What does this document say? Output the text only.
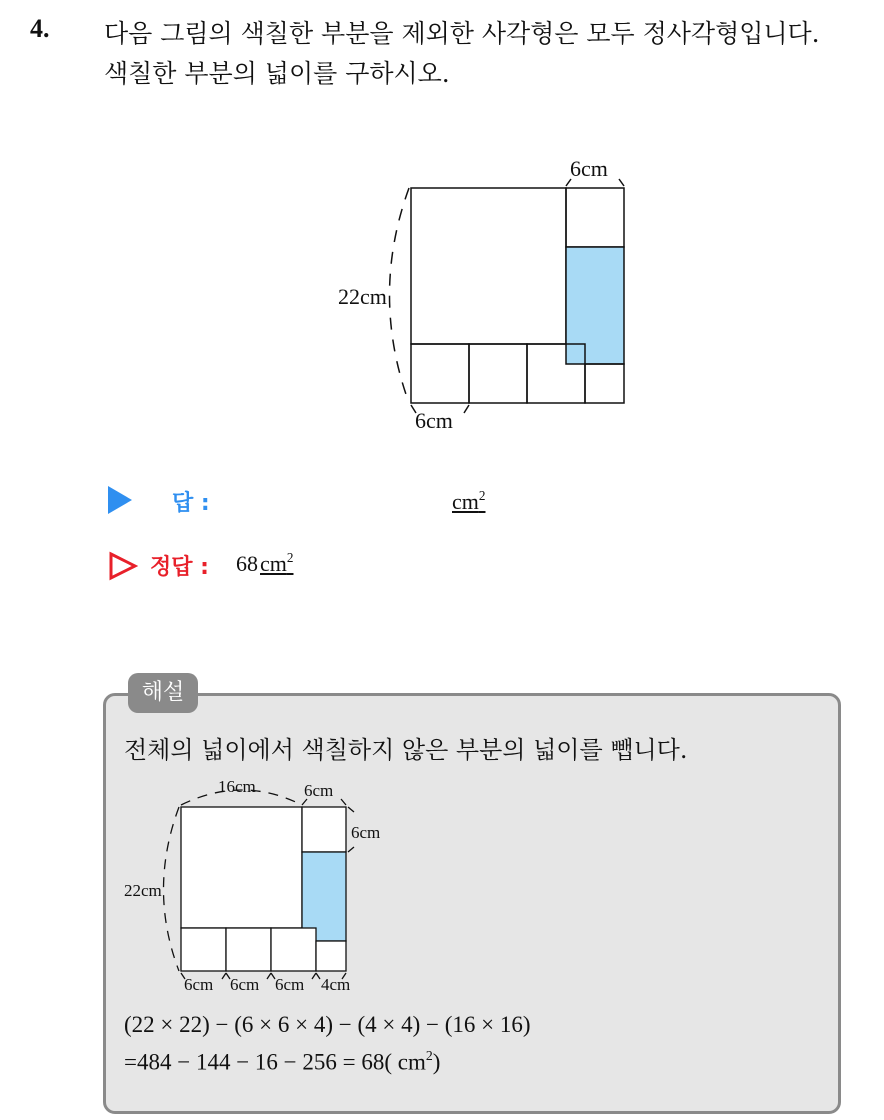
4. 다음 그림의 색칠한 부분을 제외한 사각형은 모두 정사각형입니다.
색칠한 부분의 넓이를 구하시오.
6cm
22cm
6cm
답 :	$cm^2$
정답 : $68cm^2$
해설
전체의 넓이에서 색칠하지 않은 부분의 넓이를 뺍니다.
16cm	6cm
6cm
22cm
6cm 6cm 6cm 4cm
(22 × 22) − (6 × 6 × 4) − (4 × 4) − (16 × 16)
=484 − 144 − 16 − 256 = 68( $cm^2$)
